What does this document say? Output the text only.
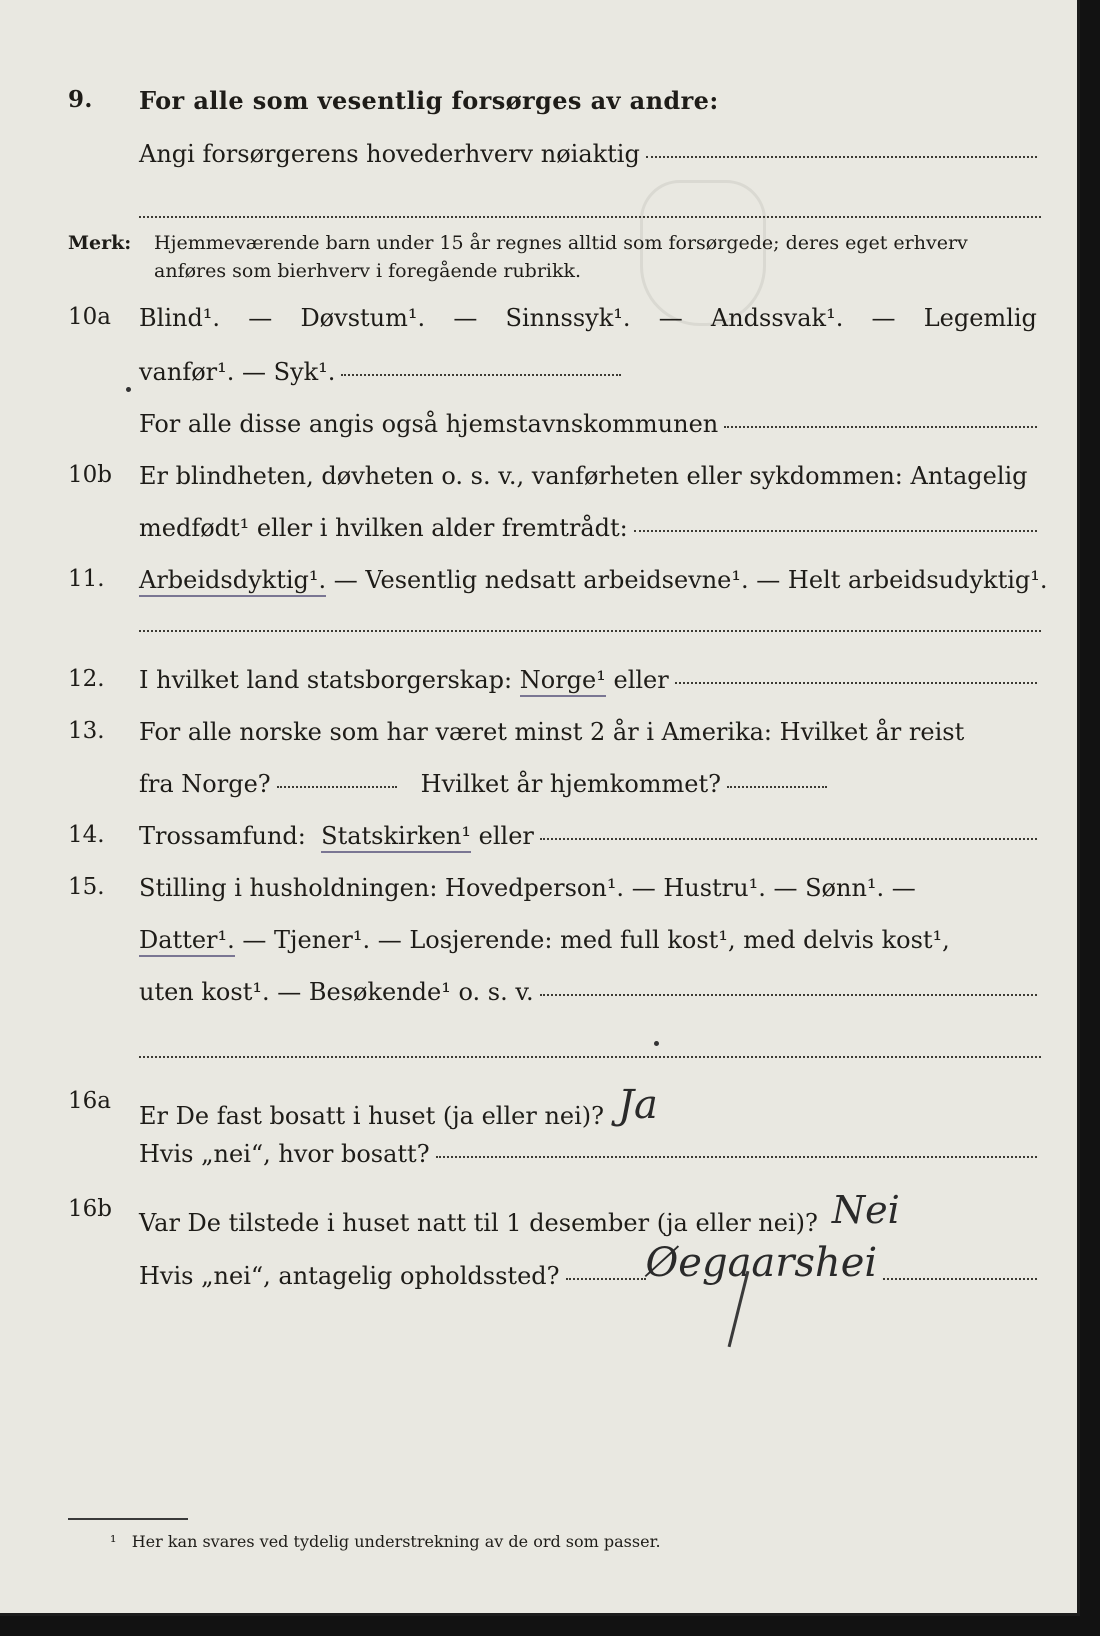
9. For alle som vesentlig forsørges av andre:
Angi forsørgerens hovederhverv nøiaktig
Merk: Hjemmeværende barn under 15 år regnes alltid som forsørgede; deres eget erhverv
anføres som bierhverv i foregående rubrikk.
10a Blind¹. — Døvstum¹. — Sinnssyk¹. — Andssvak¹. — Legemlig
vanfør¹. — Syk¹.
For alle disse angis også hjemstavnskommunen
10b Er blindheten, døvheten o. s. v., vanførheten eller sykdommen: Antagelig
medfødt¹ eller i hvilken alder fremtrådt:
11. Arbeidsdyktig¹. — Vesentlig nedsatt arbeidsevne¹. — Helt arbeidsudyktig¹.
12. I hvilket land statsborgerskap:
Norge¹
eller
13. For alle norske som har været minst 2 år i Amerika: Hvilket år reist
fra Norge?	Hvilket år hjemkommet?
14. Trossamfund:
Statskirken¹
eller
15. Stilling i husholdningen: Hovedperson¹. — Hustru¹. — Sønn¹. —
Datter¹. — Tjener¹. — Losjerende: med full kost¹, med delvis kost¹,
uten kost¹. — Besøkende¹ o. s. v.
16a
Er De fast bosatt i huset (ja eller nei)? Ja
Hvis „nei“, hvor bosatt?
16b Var De tilstede i huset natt til 1 desember (ja eller nei)? Nei
Hvis „nei“, antagelig opholdssted? Øegaarshei
¹ Her kan svares ved tydelig understrekning av de ord som passer.
